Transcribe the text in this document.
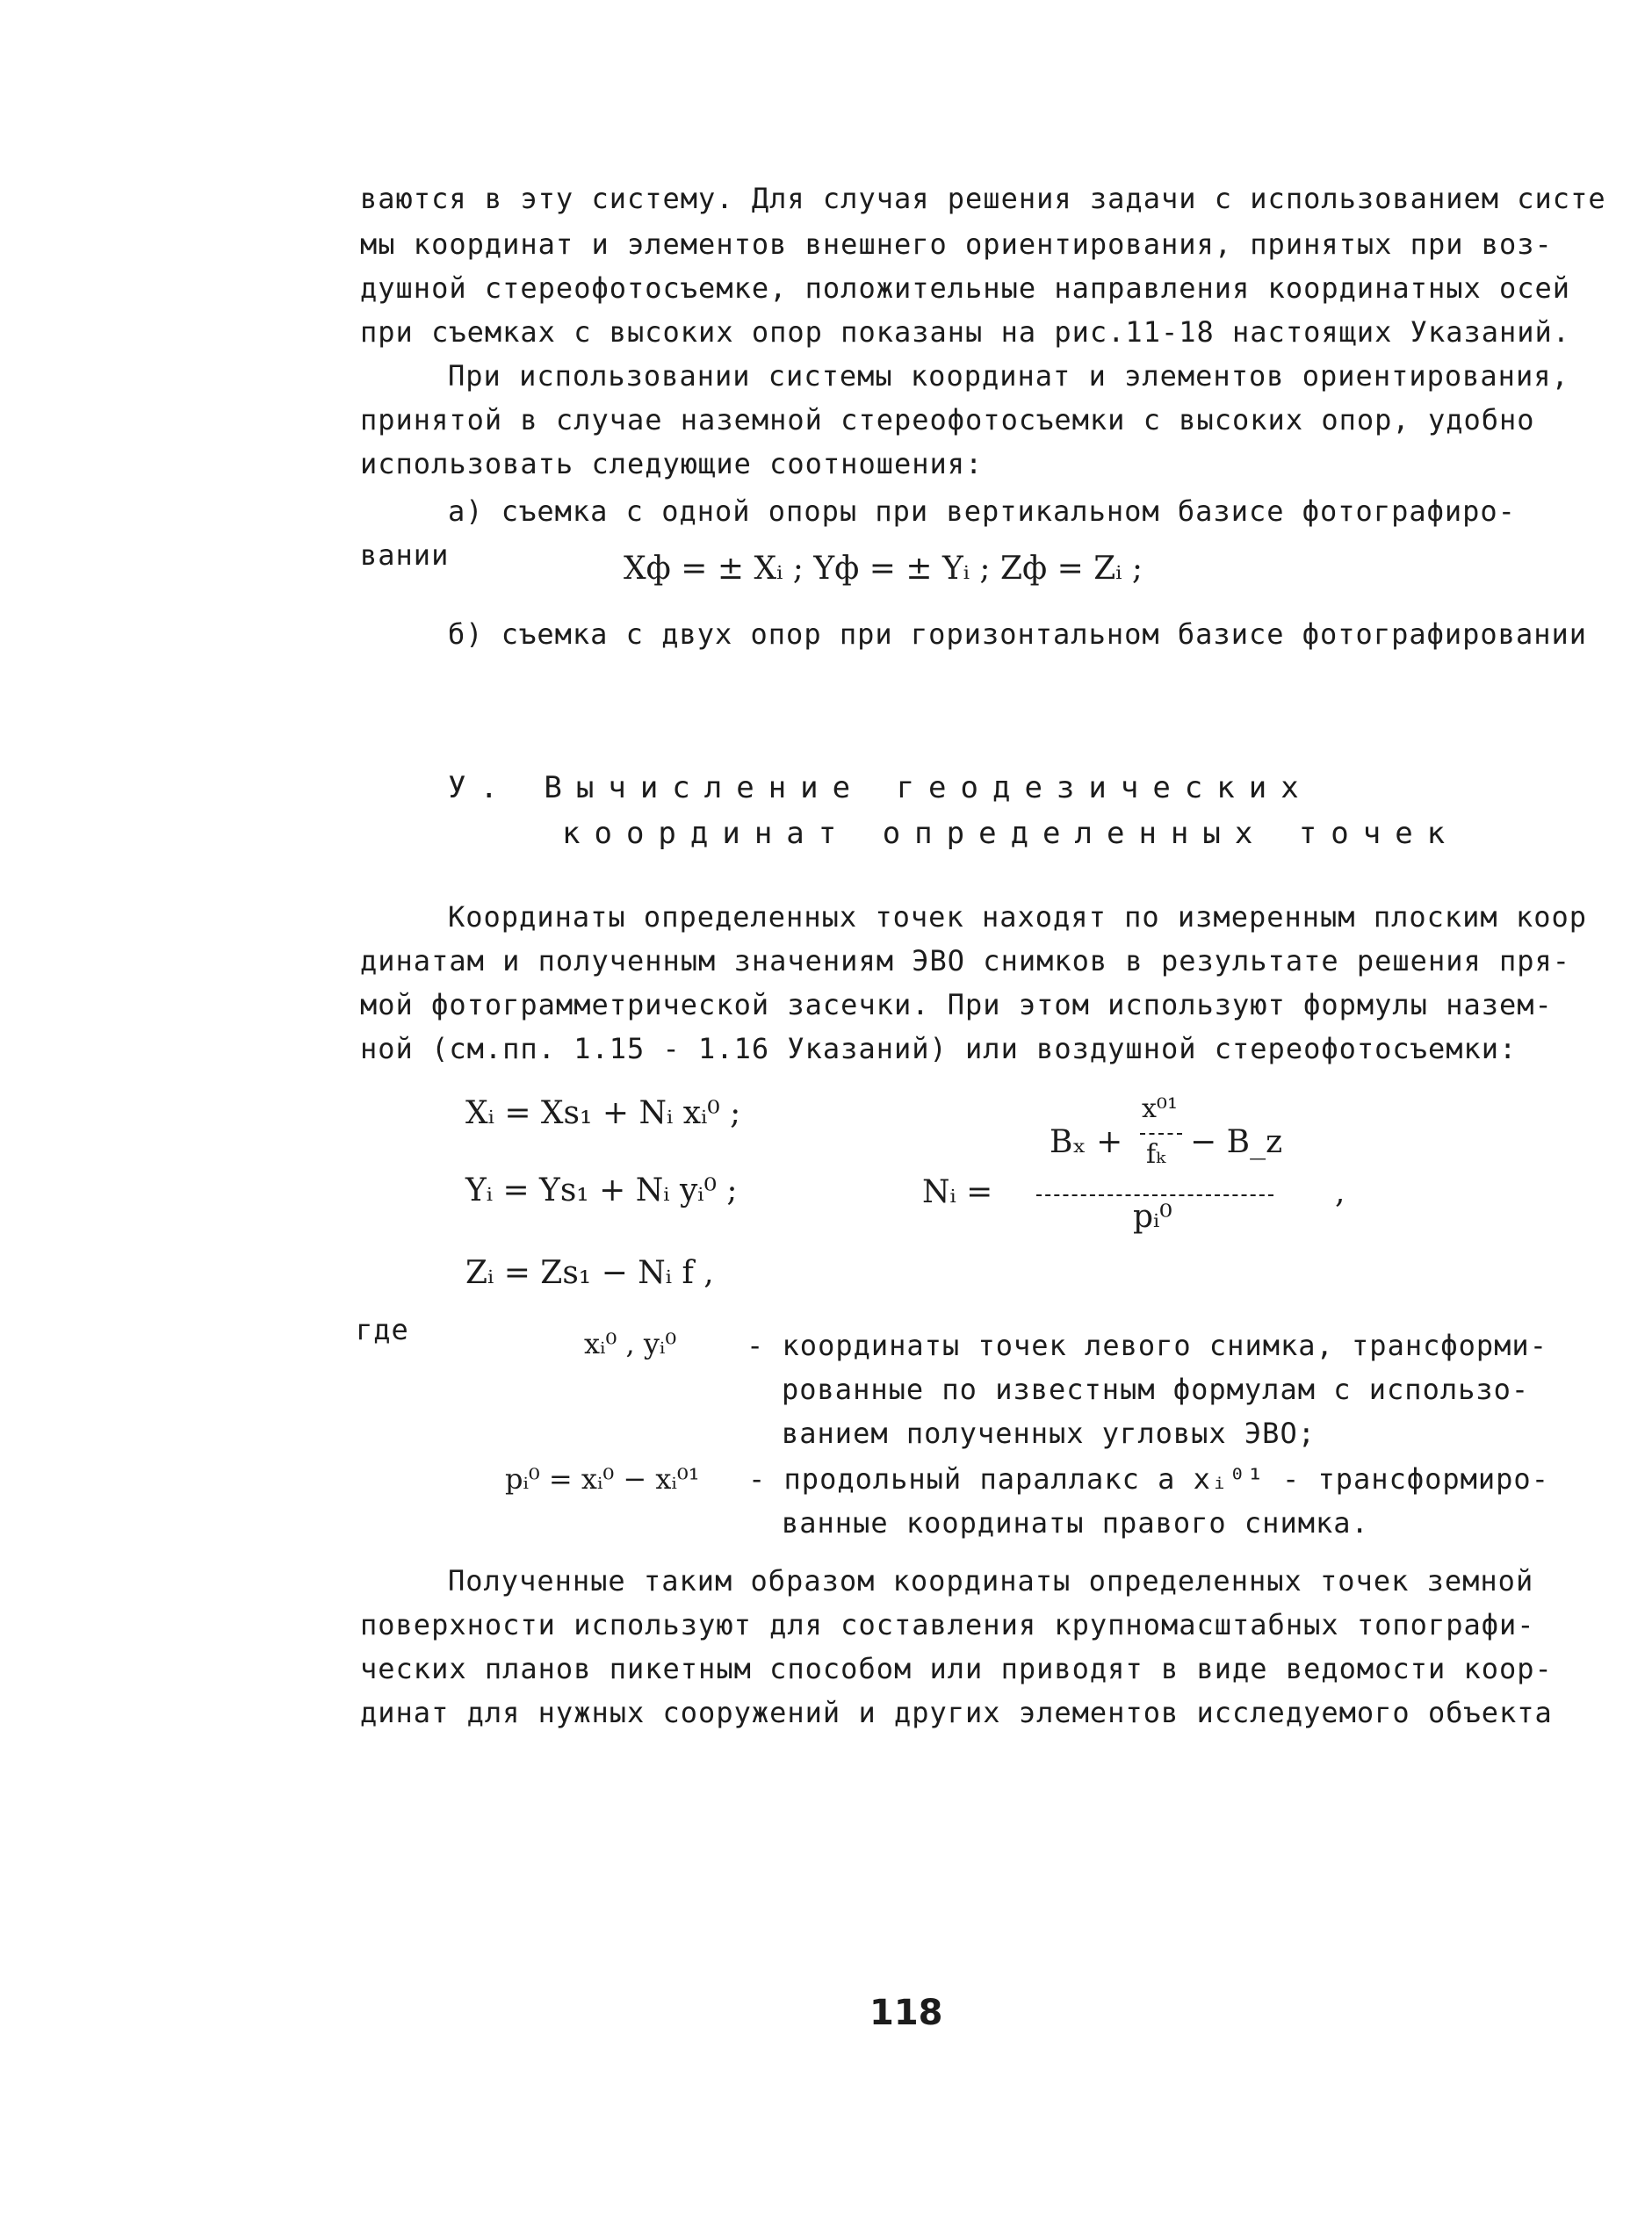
ваются в эту систему. Для случая решения задачи с использованием систе
мы координат и элементов внешнего ориентирования, принятых при воз-
душной стереофотосъемке, положительные направления координатных осей
при съемках с высоких опор показаны на рис.11-18 настоящих Указаний.
При использовании системы координат и элементов ориентирования,
принятой в случае наземной стереофотосъемки с высоких опор, удобно
использовать следующие соотношения:
а) съемка с одной опоры при вертикальном базисе фотографиро-
вании	Xф = ± Xᵢ ; Yф = ± Yᵢ ; Zф = Zᵢ ;
б) съемка с двух опор при горизонтальном базисе фотографировании
У. Вычисление геодезических
координат определенных точек
Координаты определенных точек находят по измеренным плоским коор
динатам и полученным значениям ЭВО снимков в результате решения пря-
мой фотограмметрической засечки. При этом используют формулы назем-
ной (см.пп. 1.15 - 1.16 Указаний) или воздушной стереофотосъемки:
Xᵢ = Xs₁ + Nᵢ xᵢ⁰ ;
Yᵢ = Ys₁ + Nᵢ yᵢ⁰ ;
Zᵢ = Zs₁ − Nᵢ f ,
Nᵢ =
Bₓ +
x⁰¹
fₖ − B_z
pᵢ⁰
,
где	xᵢ⁰ , yᵢ⁰ - координаты точек левого снимка, трансформи-
рованные по известным формулам с использо-
ванием полученных угловых ЭВО;
pᵢ⁰ = xᵢ⁰ − xᵢ⁰¹ - продольный параллакс а xᵢ⁰¹ - трансформиро-
ванные координаты правого снимка.
Полученные таким образом координаты определенных точек земной
поверхности используют для составления крупномасштабных топографи-
ческих планов пикетным способом или приводят в виде ведомости коор-
динат для нужных сооружений и других элементов исследуемого объекта
118
